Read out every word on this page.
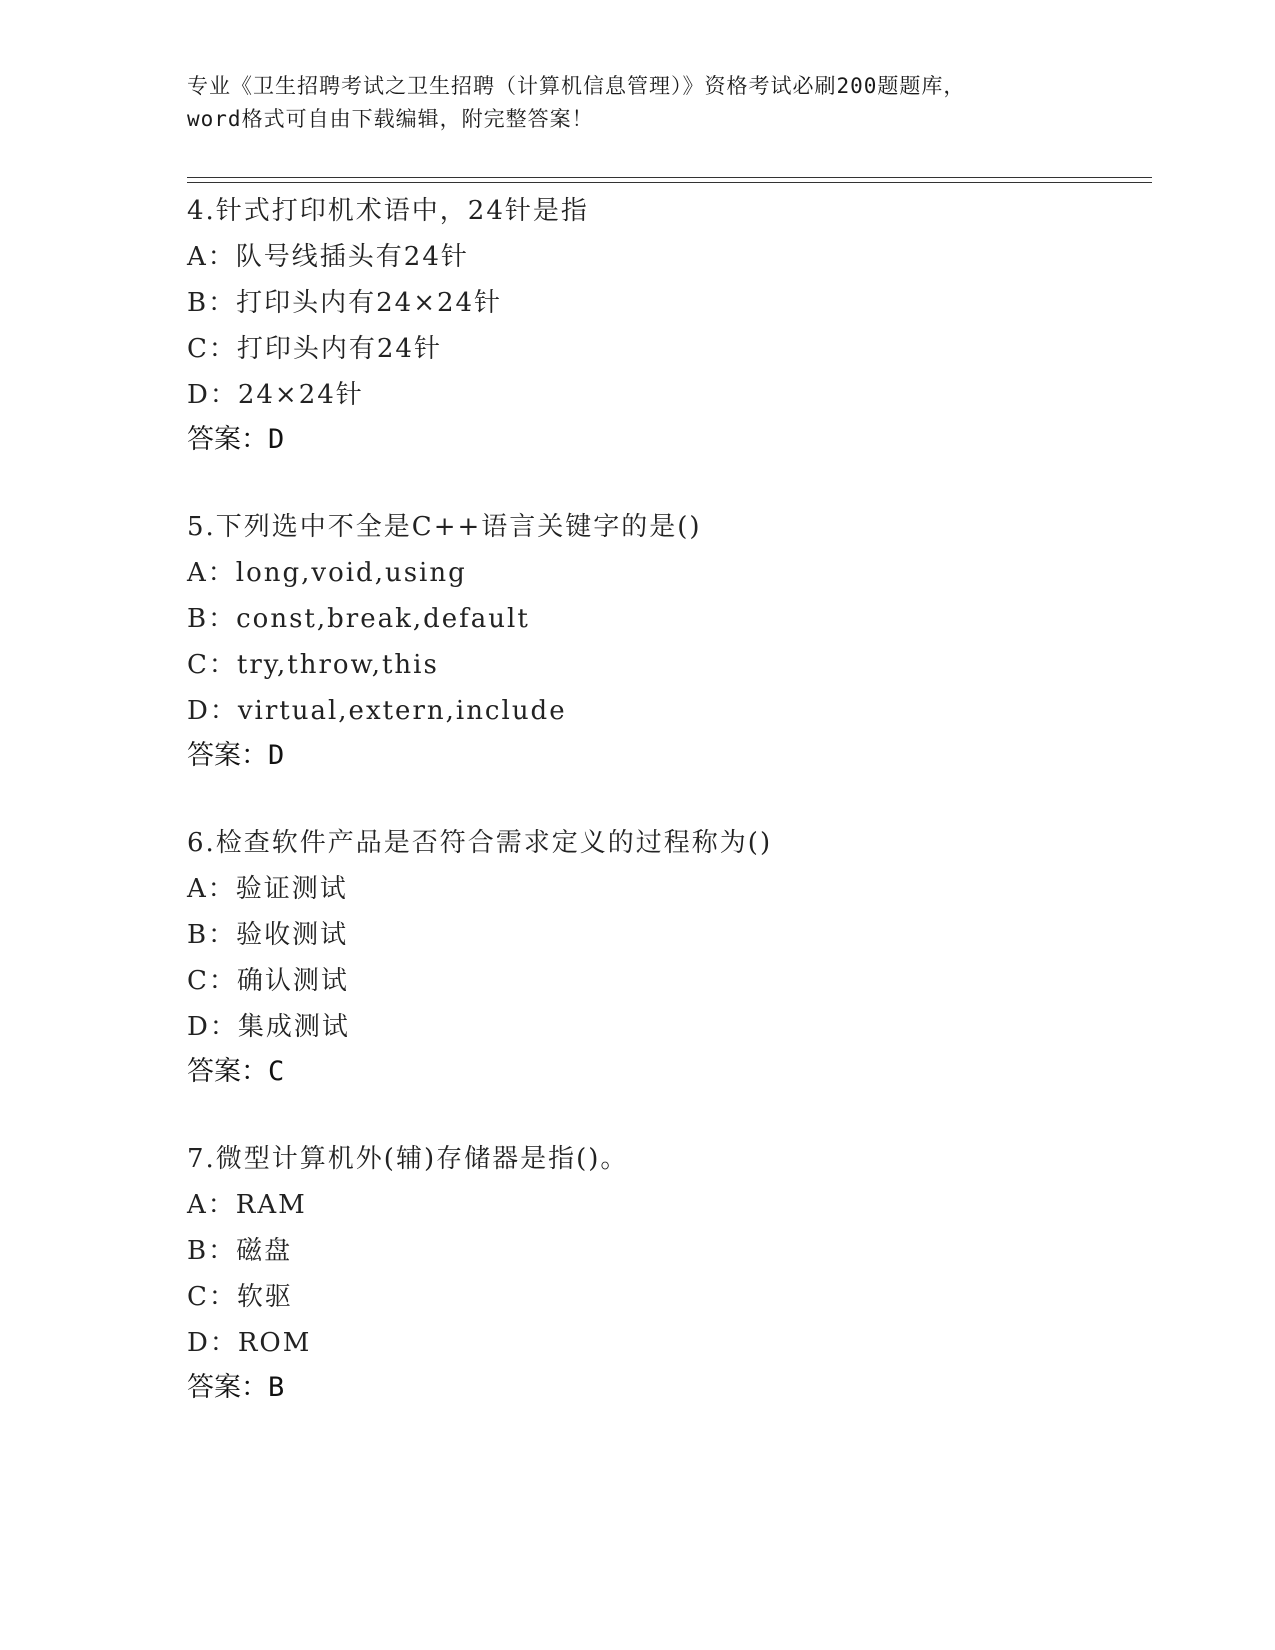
专业《卫生招聘考试之卫生招聘（计算机信息管理）》资格考试必刷200题题库，
word格式可自由下载编辑，附完整答案！
4.针式打印机术语中，24针是指
A：队号线插头有24针
B：打印头内有24×24针
C：打印头内有24针
D：24×24针
答案：D
5.下列选中不全是C++语言关键字的是()
A：long,void,using
B：const,break,default
C：try,throw,this
D：virtual,extern,include
答案：D
6.检查软件产品是否符合需求定义的过程称为()
A：验证测试
B：验收测试
C：确认测试
D：集成测试
答案：C
7.微型计算机外(辅)存储器是指()。
A：RAM
B：磁盘
C：软驱
D：ROM
答案：B
